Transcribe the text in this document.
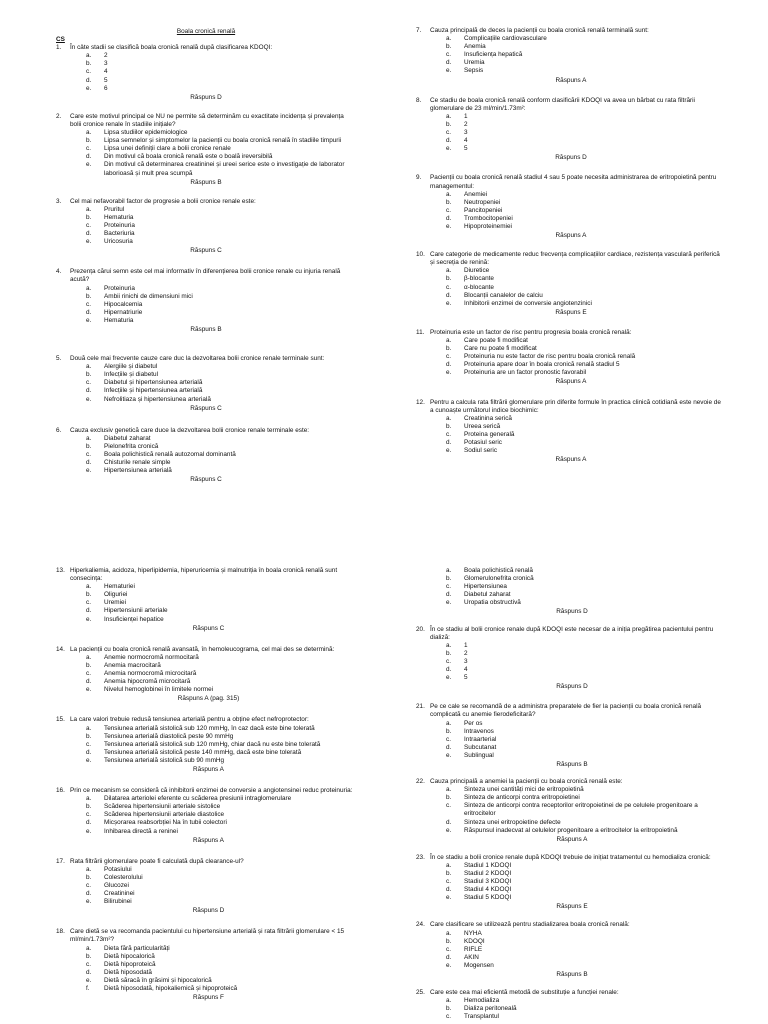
Boala cronică renală
CS
1.	În câte stadii se clasifică boala cronică renală după clasificarea KDOQI:
a.	2
b.	3
c.	4
d.	5
e.	6
Răspuns D
2.	Care este motivul principal ce NU ne permite să determinăm cu exactitate incidența și prevalența bolii cronice renale în stadiile inițiale?
a.	Lipsa studiilor epidemiologice
b.	Lipsa semnelor și simptomelor la pacienții cu boala cronică renală în stadiile timpurii
c.	Lipsa unei definiții clare a bolii cronice renale
d.	Din motivul că boala cronică renală este o boală ireversibilă
e.	Din motivul că determinarea creatininei și ureei serice este o investigație de laborator laborioasă și mult prea scumpă
Răspuns B
3.	Cel mai nefavorabil factor de progresie a bolii cronice renale este:
a.	Pruritul
b.	Hematuria
c.	Proteinuria
d.	Bacteriuria
e.	Uricosuria
Răspuns C
4.	Prezența cărui semn este cel mai informativ în diferențierea bolii cronice renale cu injuria renală acută?
a.	Proteinuria
b.	Ambii rinichi de dimensiuni mici
c.	Hipocalcemia
d.	Hipernatriurie
e.	Hematuria
Răspuns B
5.	Două cele mai frecvente cauze care duc la dezvoltarea bolii cronice renale terminale sunt:
a.	Alergiile și diabetul
b.	Infecțiile și diabetul
c.	Diabetul și hipertensiunea arterială
d.	Infecțiile și hipertensiunea arterială
e.	Nefrolitiaza și hipertensiunea arterială
Răspuns C
6.	Cauza exclusiv genetică care duce la dezvoltarea bolii cronice renale terminale este:
a.	Diabetul zaharat
b.	Pielonefrita cronică
c.	Boala polichistică renală autozomal dominantă
d.	Chisturile renale simple
e.	Hipertensiunea arterială
Răspuns C
7.	Cauza principală de deces la pacienții cu boala cronică renală terminală sunt:
a.	Complicațiile cardiovasculare
b.	Anemia
c.	Insuficiența hepatică
d.	Uremia
e.	Sepsis
Răspuns A
8.	Ce stadiu de boala cronică renală conform clasificării KDOQI va avea un bărbat cu rata filtrării glomerulare de 23 ml/min/1.73m²:
a.	1
b.	2
c.	3
d.	4
e.	5
Răspuns D
9.	Pacienții cu boala cronică renală stadiul 4 sau 5 poate necesita administrarea de eritropoietină pentru managementul:
a.	Anemiei
b.	Neutropeniei
c.	Pancitopeniei
d.	Trombocitopeniei
e.	Hipoproteinemiei
Răspuns A
10. Care categorie de medicamente reduc frecvența complicațiilor cardiace, rezistența vasculară periferică și secreția de renină:
a.	Diuretice
b.	β-blocante
c.	α-blocante
d.	Blocanții canalelor de calciu
e.	Inhibitorii enzimei de conversie angiotenzinici
Răspuns E
11. Proteinuria este un factor de risc pentru progresia boala cronică renală:
a.	Care poate fi modificat
b.	Care nu poate fi modificat
c.	Proteinuria nu este factor de risc pentru boala cronică renală
d.	Proteinuria apare doar în boala cronică renală stadiul 5
e.	Proteinuria are un factor pronostic favorabil
Răspuns A
12. Pentru a calcula rata filtrării glomerulare prin diferite formule în practica clinică cotidiană este nevoie de a cunoaște următorul indice biochimic:
a.	Creatinina serică
b.	Ureea serică
c.	Proteina generală
d.	Potasiul seric
e.	Sodiul seric
Răspuns A
13. Hiperkaliemia, acidoza, hiperlipidemia, hiperuricemia și malnutriția în boala cronică renală sunt consecința:
a.	Hematuriei
b.	Oliguriei
c.	Uremiei
d.	Hipertensiunii arteriale
e.	Insuficienței hepatice
Răspuns C
14. La pacienții cu boala cronică renală avansată, în hemoleucograma, cel mai des se determină:
a.	Anemie normocromă normocitară
b.	Anemia macrocitară
c.	Anemia normocromă microcitară
d.	Anemia hipocromă microcitară
e.	Nivelul hemoglobinei în limitele normei
Răspuns A (pag. 315)
15. La care valori trebuie redusă tensiunea arterială pentru a obține efect nefroprotector:
a.	Tensiunea arterială sistolică sub 120 mmHg, în caz dacă este bine tolerată
b.	Tensiunea arterială diastolică peste 90 mmHg
c.	Tensiunea arterială sistolică sub 120 mmHg, chiar dacă nu este bine tolerată
d.	Tensiunea arterială sistolică peste 140 mmHg, dacă este bine tolerată
e.	Tensiunea arterială sistolică sub 90 mmHg
Răspuns A
16. Prin ce mecanism se consideră că inhibitorii enzimei de conversie a angiotensinei reduc proteinuria:
a.	Dilatarea arteriolei eferente cu scăderea presiunii intraglomerulare
b.	Scăderea hipertensiunii arteriale sistolice
c.	Scăderea hipertensiunii arteriale diastolice
d.	Micșorarea reabsorbției Na în tubii colectori
e.	Inhibarea directă a reninei
Răspuns A
17. Rata filtrării glomerulare poate fi calculată după clearance-ul?
a.	Potasiului
b.	Colesterolului
c.	Glucozei
d.	Creatininei
e.	Bilirubinei
Răspuns D
18. Care dietă se va recomanda pacientului cu hipertensiune arterială și rata filtrării glomerulare < 15 ml/min/1.73m²?
a.	Dieta fără particularități
b.	Dietă hipocalorică
c.	Dietă hipoproteică
d.	Dietă hiposodată
e.	Dietă săracă în grăsimi și hipocalorică
f.	Dietă hiposodată, hipokaliemică și hipoproteică
Răspuns F
a.	Boala polichistică renală
b.	Glomerulonefrita cronică
c.	Hipertensiunea
d.	Diabetul zaharat
e.	Uropatia obstructivă
Răspuns D
20. În ce stadiu al bolii cronice renale după KDOQI este necesar de a iniția pregătirea pacientului pentru dializă:
a.	1
b.	2
c.	3
d.	4
e.	5
Răspuns D
21. Pe ce cale se recomandă de a administra preparatele de fier la pacienții cu boala cronică renală complicată cu anemie fierodeficitară?
a.	Per os
b.	Intravenos
c.	Intraarterial
d.	Subcutanat
e.	Sublingual
Răspuns B
22. Cauza principală a anemiei la pacienții cu boala cronică renală este:
a.	Sinteza unei cantități mici de eritropoietină
b.	Sinteza de anticorpi contra eritropoietinei
c.	Sinteza de anticorpi contra receptorilor eritropoietinei de pe celulele progenitoare a eritrocitelor
d.	Sinteza unei eritropoietine defecte
e.	Răspunsul inadecvat al celulelor progenitoare a eritrocitelor la eritropoietină
Răspuns A
23. În ce stadiu a bolii cronice renale după KDOQI trebuie de inițiat tratamentul cu hemodializa cronică:
a.	Stadiul 1 KDOQI
b.	Stadiul 2 KDOQI
c.	Stadiul 3 KDOQI
d.	Stadiul 4 KDOQI
e.	Stadiul 5 KDOQI
Răspuns E
24. Care clasificare se utilizează pentru stadializarea boala cronică renală:
a.	NYHA
b.	KDOQI
c.	RIFLE
d.	AKIN
e.	Mogensen
Răspuns B
25. Care este cea mai eficientă metodă de substituție a funcției renale:
a.	Hemodializa
b.	Dializa peritoneală
c.	Transplantul
